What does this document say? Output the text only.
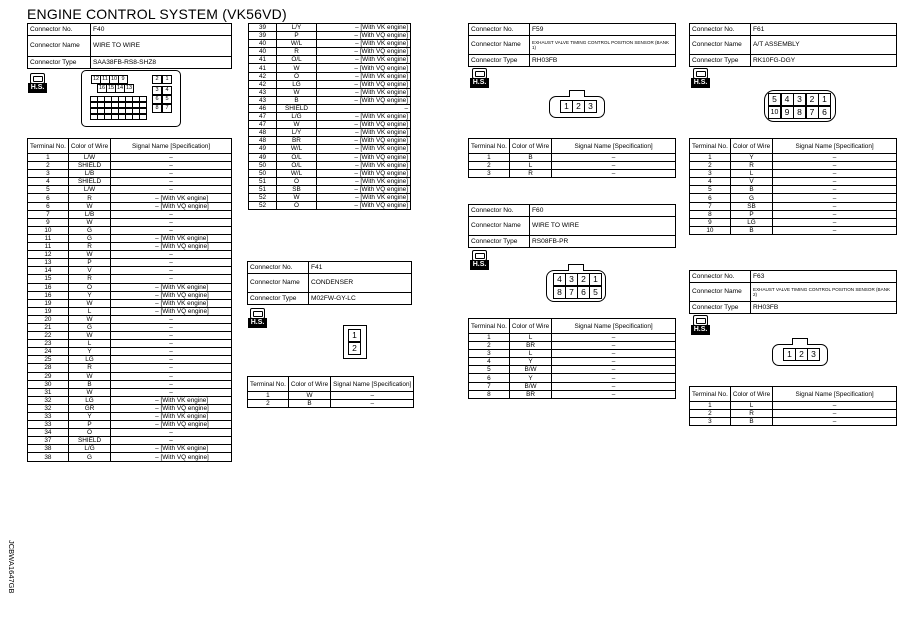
ENGINE CONTROL SYSTEM (VK56VD)
JCBWA1647GB
Connector No.	F40
Connector Name	WIRE TO WIRE
Connector Type	SAA38FB-RS8-SHZ8
H.S.
12 11 10 9	2	1
16 15 14 13	3	4
6	5
8	7
Terminal No.	Color of Wire	Signal Name [Specification]
1	L/W	–
2	SHIELD	–
3	L/B	–
4	SHIELD	–
5	L/W	–
6	R	– [With VK engine]
6	W	– [With VQ engine]
7	L/B	–
9	W	–
10	G	–
11	G	– [With VK engine]
11	R	– [With VQ engine]
12	W	–
13	P	–
14	V	–
15	R	–
16	O	– [With VK engine]
16	Y	– [With VQ engine]
19	W	– [With VK engine]
19	L	– [With VQ engine]
20	W	–
21	G	–
22	W	–
23	L	–
24	Y	–
25	LG	–
28	R	–
29	W	–
30	B	–
31	W	–
32	LG	– [With VK engine]
32	GR	– [With VQ engine]
33	Y	– [With VK engine]
33	P	– [With VQ engine]
34	O	–
37	SHIELD	–
38	L/G	– [With VK engine]
38	G	– [With VQ engine]
39	L/Y	– [With VK engine]
39	P	– [With VQ engine]
40	W/L	– [With VK engine]
40	R	– [With VQ engine]
41	O/L	– [With VK engine]
41	W	– [With VQ engine]
42	O	– [With VK engine]
42	LG	– [With VQ engine]
43	W	– [With VK engine]
43	B	– [With VQ engine]
46	SHIELD	–
47	L/G	– [With VK engine]
47	W	– [With VQ engine]
48	L/Y	– [With VK engine]
48	BR	– [With VQ engine]
49	W/L	– [With VK engine]
49	O/L	– [With VQ engine]
50	O/L	– [With VK engine]
50	W/L	– [With VQ engine]
51	O	– [With VK engine]
51	SB	– [With VQ engine]
52	W	– [With VK engine]
52	O	– [With VQ engine]
Connector No.	F41
Connector Name	CONDENSER
Connector Type	M02FW-GY-LC
H.S.
1
2
Terminal No.	Color of Wire	Signal Name [Specification]
1	W	–
2	B	–
Connector No.	F59
Connector Name	EXHAUST VALVE TIMING CONTROL POSITION SENSOR (BANK 1)
Connector Type	RH03FB
H.S.
1 2 3
Terminal No.	Color of Wire	Signal Name [Specification]
1	B	–
2	L	–
3	R	–
Connector No.	F60
Connector Name	WIRE TO WIRE
Connector Type	RS08FB-PR
H.S.
4 3 2 1
8 7 6 5
Terminal No.	Color of Wire	Signal Name [Specification]
1	L	–
2	BR	–
3	L	–
4	Y	–
5	B/W	–
6	Y	–
7	B/W	–
8	BR	–
Connector No.	F61
Connector Name	A/T ASSEMBLY
Connector Type	RK10FG-DGY
H.S.
5 4 3 2 1
10 9 8 7 6
Terminal No.	Color of Wire	Signal Name [Specification]
1	Y	–
2	R	–
3	L	–
4	V	–
5	B	–
6	G	–
7	SB	–
8	P	–
9	LG	–
10	B	–
Connector No.	F63
Connector Name	EXHAUST VALVE TIMING CONTROL POSITION SENSOR (BANK 2)
Connector Type	RH03FB
H.S.
1 2 3
Terminal No.	Color of Wire	Signal Name [Specification]
1	L	–
2	R	–
3	B	–
